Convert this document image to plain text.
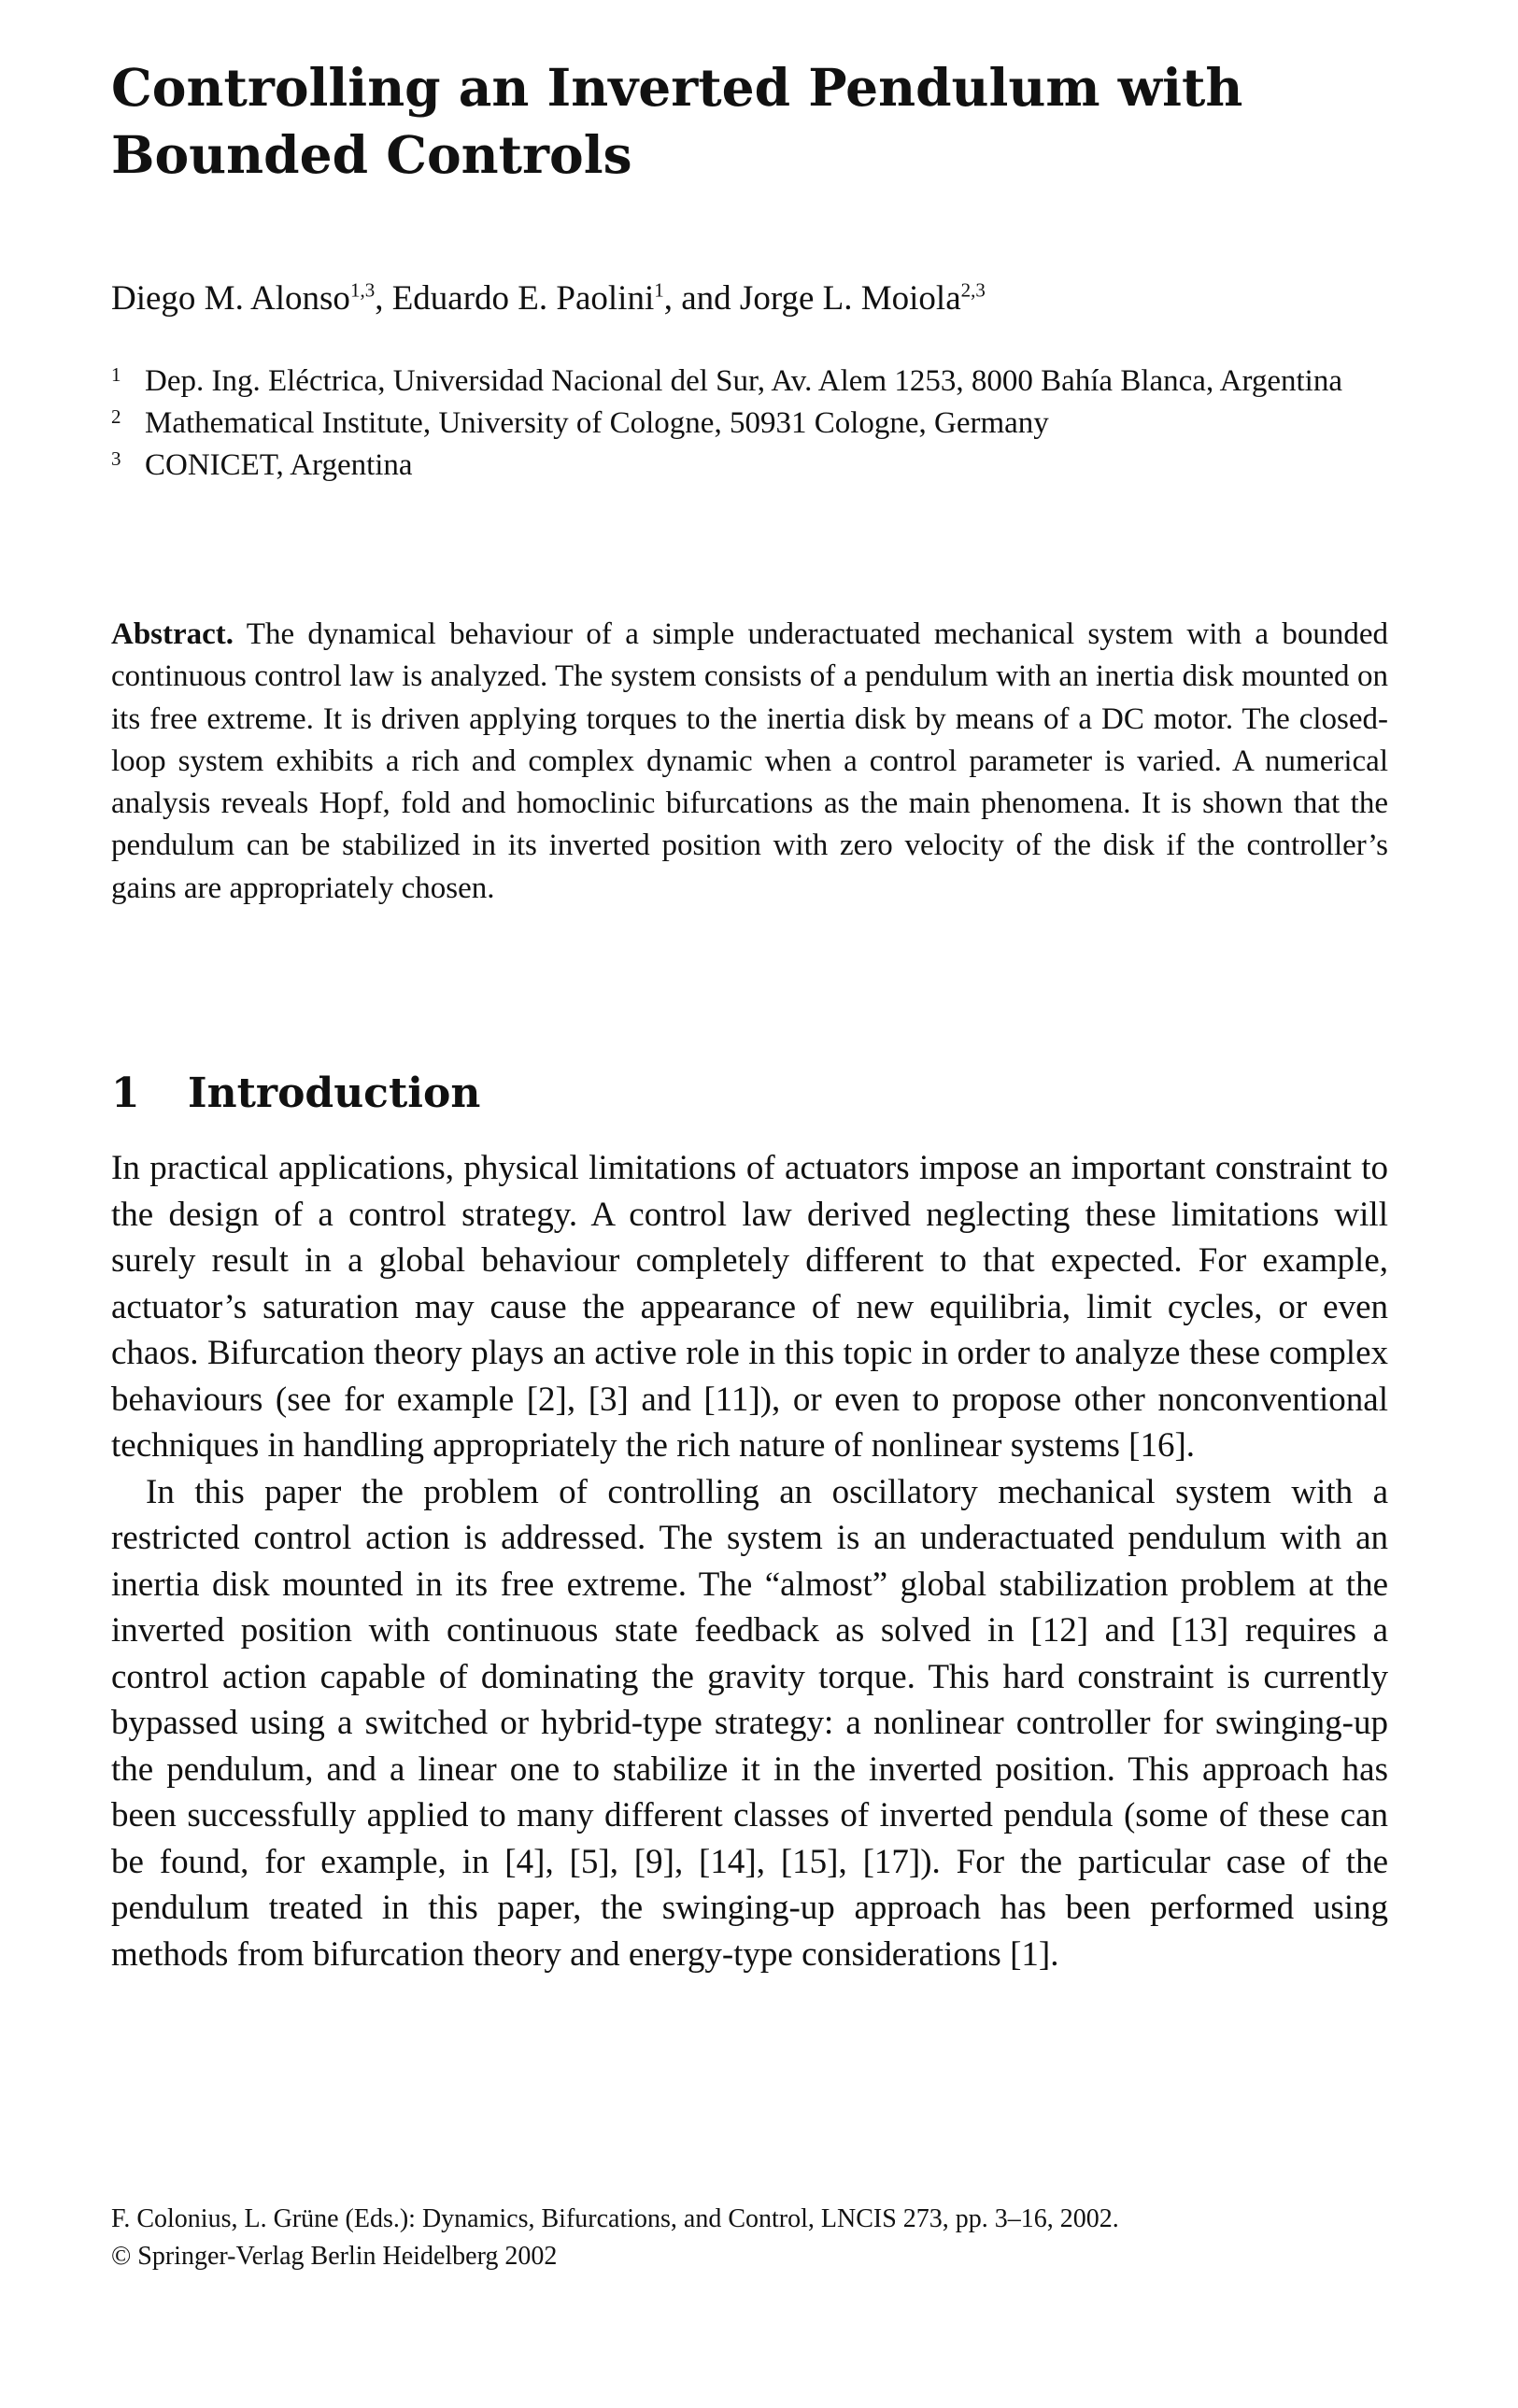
Controlling an Inverted Pendulum with
Bounded Controls
Diego M. Alonso$^{1,3}$, Eduardo E. Paolini$^1$, and Jorge L. Moiola$^{2,3}$
1 Dep. Ing. Eléctrica, Universidad Nacional del Sur, Av. Alem 1253, 8000 Bahía Blanca, Argentina
2 Mathematical Institute, University of Cologne, 50931 Cologne, Germany
3 CONICET, Argentina

Abstract. The dynamical behaviour of a simple underactuated mechanical system with a bounded continuous control law is analyzed. The system consists of a pendulum with an inertia disk mounted on its free extreme. It is driven applying torques to the inertia disk by means of a DC motor. The closed-loop system exhibits a rich and complex dynamic when a control parameter is varied. A numerical analysis reveals Hopf, fold and homoclinic bifurcations as the main phenomena. It is shown that the pendulum can be stabilized in its inverted position with zero velocity of the disk if the controller’s gains are appropriately chosen.

1 Introduction

In practical applications, physical limitations of actuators impose an important constraint to the design of a control strategy. A control law derived neglecting these limitations will surely result in a global behaviour completely different to that expected. For example, actuator’s saturation may cause the appearance of new equilibria, limit cycles, or even chaos. Bifurcation theory plays an active role in this topic in order to analyze these complex behaviours (see for example [2], [3] and [11]), or even to propose other nonconventional techniques in handling appropriately the rich nature of nonlinear systems [16].

In this paper the problem of controlling an oscillatory mechanical system with a restricted control action is addressed. The system is an underactuated pendulum with an inertia disk mounted in its free extreme. The “almost” global stabilization problem at the inverted position with continuous state feedback as solved in [12] and [13] requires a control action capable of dominating the gravity torque. This hard constraint is currently bypassed using a switched or hybrid-type strategy: a nonlinear controller for swinging-up the pendulum, and a linear one to stabilize it in the inverted position. This approach has been successfully applied to many different classes of inverted pendula (some of these can be found, for example, in [4], [5], [9], [14], [15], [17]). For the particular case of the pendulum treated in this paper, the swinging-up approach has been performed using methods from bifurcation theory and energy-type considerations [1].

F. Colonius, L. Grüne (Eds.): Dynamics, Bifurcations, and Control, LNCIS 273, pp. 3–16, 2002.
© Springer-Verlag Berlin Heidelberg 2002
